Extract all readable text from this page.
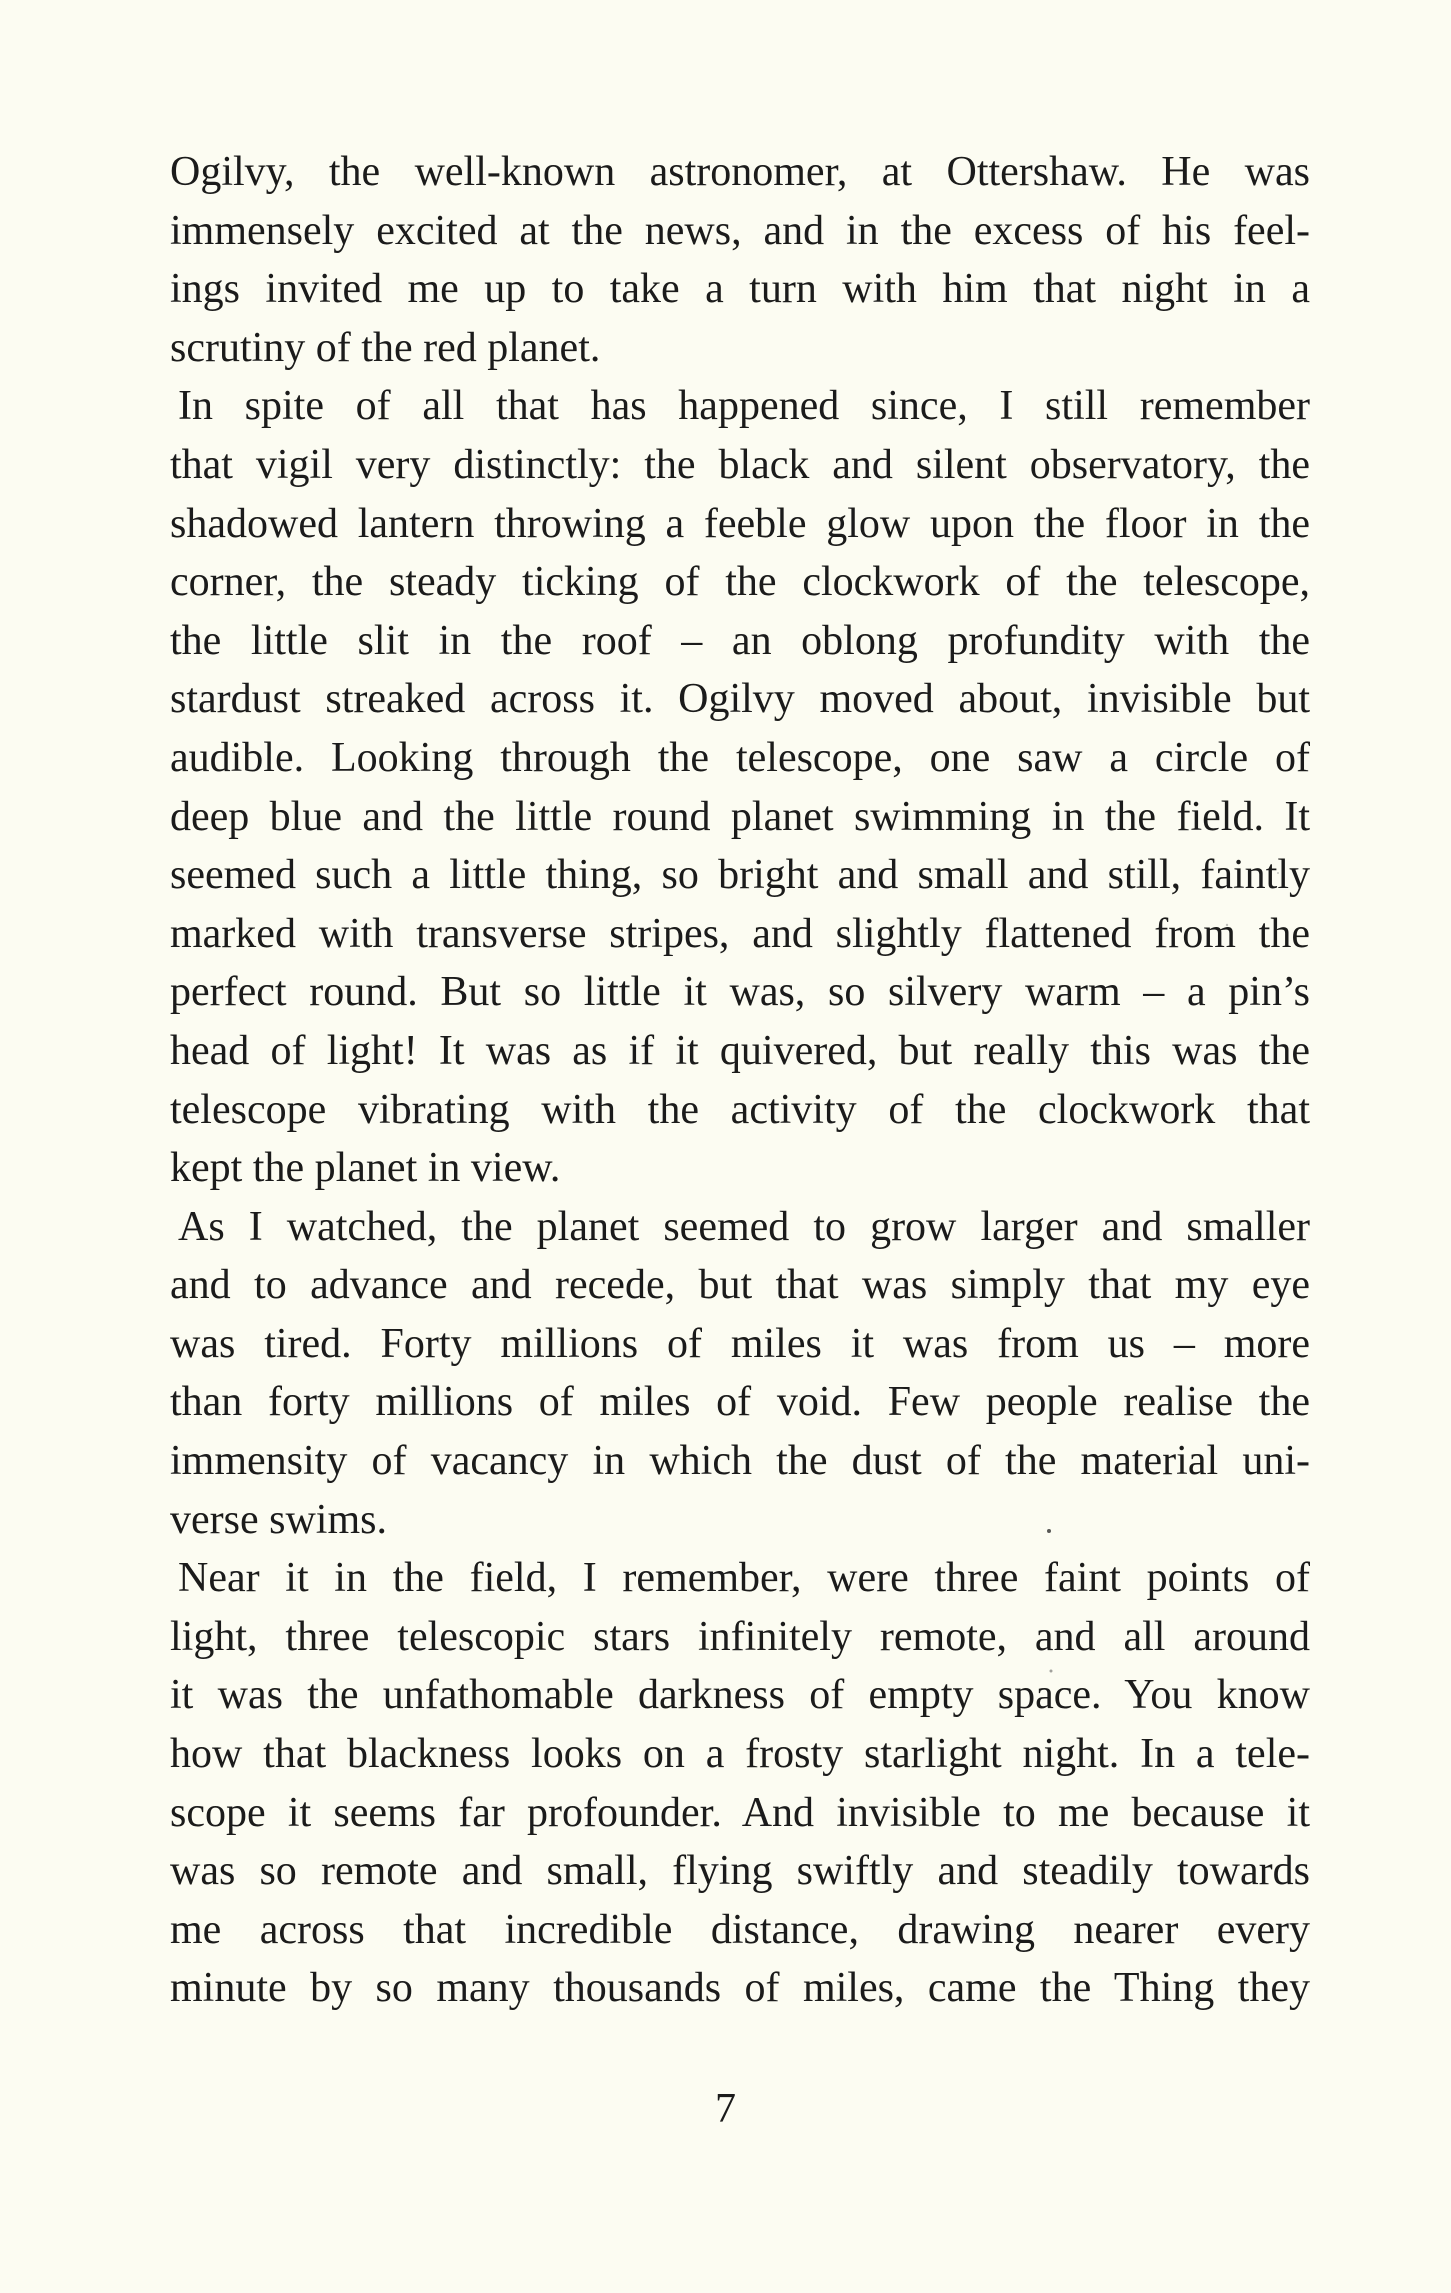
Ogilvy, the well-known astronomer, at Ottershaw. He was
immensely excited at the news, and in the excess of his feel-
ings invited me up to take a turn with him that night in a
scrutiny of the red planet.
In spite of all that has happened since, I still remember
that vigil very distinctly: the black and silent observatory, the
shadowed lantern throwing a feeble glow upon the floor in the
corner, the steady ticking of the clockwork of the telescope,
the little slit in the roof – an oblong profundity with the
stardust streaked across it. Ogilvy moved about, invisible but
audible. Looking through the telescope, one saw a circle of
deep blue and the little round planet swimming in the field. It
seemed such a little thing, so bright and small and still, faintly
marked with transverse stripes, and slightly flattened from the
perfect round. But so little it was, so silvery warm – a pin’s
head of light! It was as if it quivered, but really this was the
telescope vibrating with the activity of the clockwork that
kept the planet in view.
As I watched, the planet seemed to grow larger and smaller
and to advance and recede, but that was simply that my eye
was tired. Forty millions of miles it was from us – more
than forty millions of miles of void. Few people realise the
immensity of vacancy in which the dust of the material uni-
verse swims.
Near it in the field, I remember, were three faint points of
light, three telescopic stars infinitely remote, and all around
it was the unfathomable darkness of empty space. You know
how that blackness looks on a frosty starlight night. In a tele-
scope it seems far profounder. And invisible to me because it
was so remote and small, flying swiftly and steadily towards
me across that incredible distance, drawing nearer every
minute by so many thousands of miles, came the Thing they
7
